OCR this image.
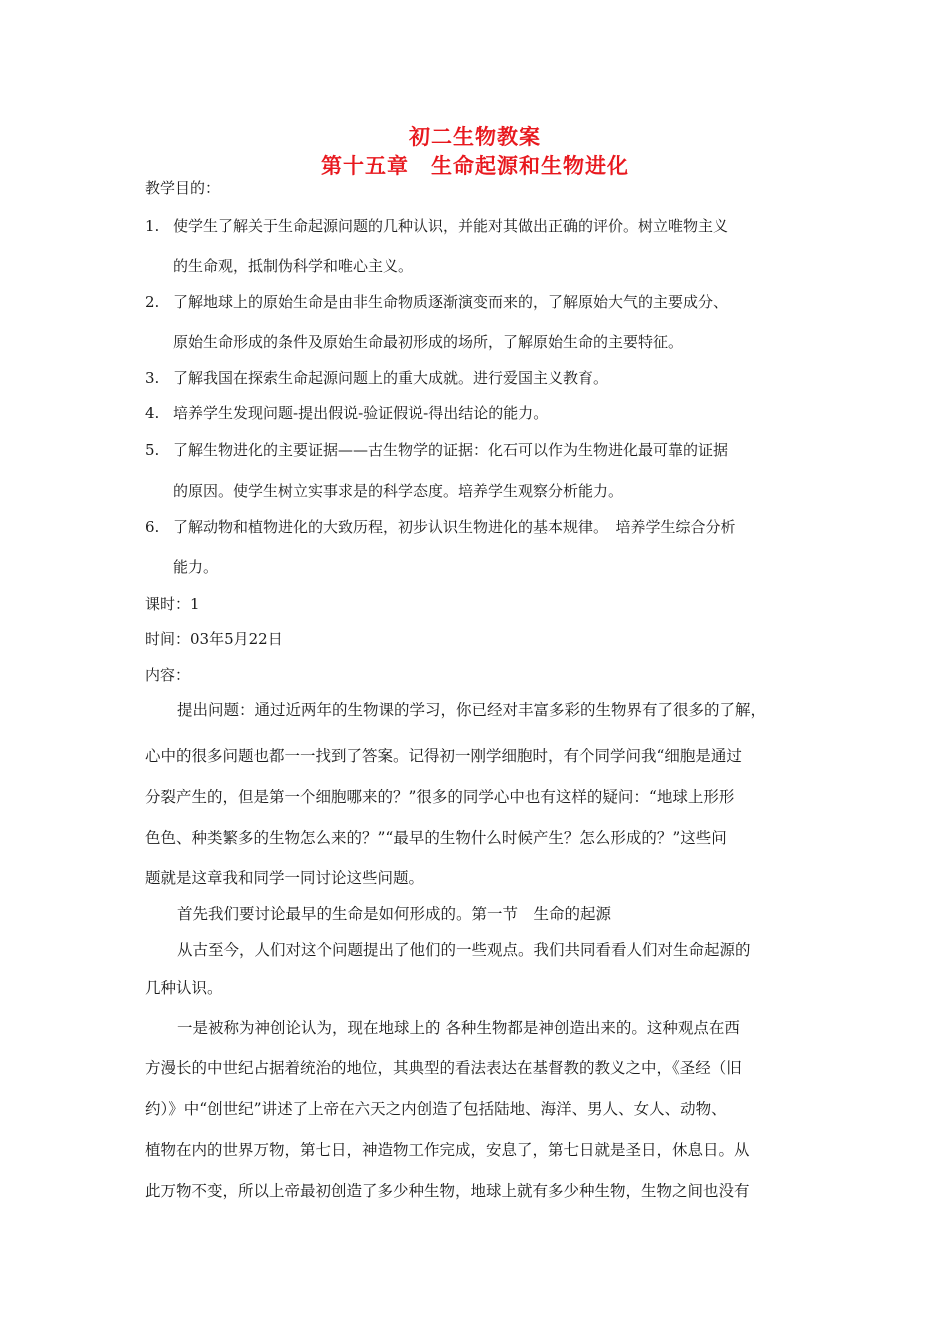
初二生物教案
第十五章　生命起源和生物进化
教学目的：
1. 使学生了解关于生命起源问题的几种认识，并能对其做出正确的评价。树立唯物主义
的生命观，抵制伪科学和唯心主义。
2. 了解地球上的原始生命是由非生命物质逐渐演变而来的，了解原始大气的主要成分、
原始生命形成的条件及原始生命最初形成的场所，了解原始生命的主要特征。
3. 了解我国在探索生命起源问题上的重大成就。进行爱国主义教育。
4. 培养学生发现问题-提出假说-验证假说-得出结论的能力。
5. 了解生物进化的主要证据——古生物学的证据：化石可以作为生物进化最可靠的证据
的原因。使学生树立实事求是的科学态度。培养学生观察分析能力。
6. 了解动物和植物进化的大致历程，初步认识生物进化的基本规律。　培养学生综合分析
能力。
课时：1
时间：03年5月22日
内容：
提出问题：通过近两年的生物课的学习，你已经对丰富多彩的生物界有了很多的了解，
心中的很多问题也都一一找到了答案。记得初一刚学细胞时，有个同学问我“细胞是通过
分裂产生的，但是第一个细胞哪来的？”很多的同学心中也有这样的疑问：“地球上形形
色色、种类繁多的生物怎么来的？”“最早的生物什么时候产生？怎么形成的？”这些问
题就是这章我和同学一同讨论这些问题。
首先我们要讨论最早的生命是如何形成的。第一节　生命的起源
从古至今，人们对这个问题提出了他们的一些观点。我们共同看看人们对生命起源的
几种认识。
一是被称为神创论认为，现在地球上的 各种生物都是神创造出来的。这种观点在西
方漫长的中世纪占据着统治的地位，其典型的看法表达在基督教的教义之中，《圣经（旧
约）》中“创世纪”讲述了上帝在六天之内创造了包括陆地、海洋、男人、女人、动物、
植物在内的世界万物，第七日，神造物工作完成，安息了，第七日就是圣日，休息日。从
此万物不变，所以上帝最初创造了多少种生物，地球上就有多少种生物，生物之间也没有
